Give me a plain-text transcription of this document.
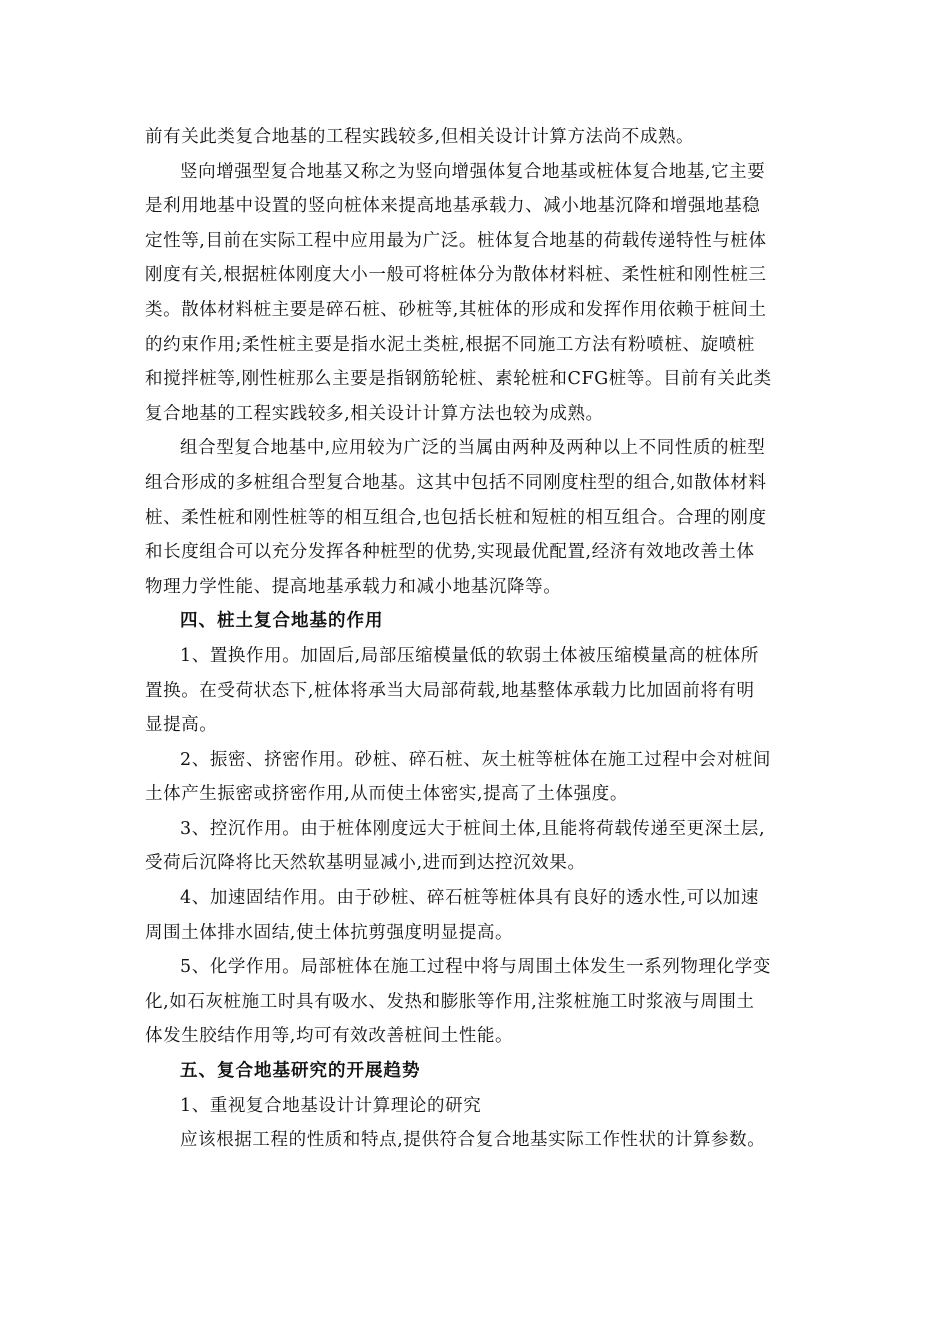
前有关此类复合地基的工程实践较多,但相关设计计算方法尚不成熟。
竖向增强型复合地基又称之为竖向增强体复合地基或桩体复合地基,它主要
是利用地基中设置的竖向桩体来提高地基承载力、减小地基沉降和增强地基稳
定性等,目前在实际工程中应用最为广泛。桩体复合地基的荷载传递特性与桩体
刚度有关,根据桩体刚度大小一般可将桩体分为散体材料桩、柔性桩和刚性桩三
类。散体材料桩主要是碎石桩、砂桩等,其桩体的形成和发挥作用依赖于桩间土
的约束作用;柔性桩主要是指水泥土类桩,根据不同施工方法有粉喷桩、旋喷桩
和搅拌桩等,刚性桩那么主要是指钢筋轮桩、素轮桩和CFG桩等。目前有关此类
复合地基的工程实践较多,相关设计计算方法也较为成熟。
组合型复合地基中,应用较为广泛的当属由两种及两种以上不同性质的桩型
组合形成的多桩组合型复合地基。这其中包括不同刚度柱型的组合,如散体材料
桩、柔性桩和刚性桩等的相互组合,也包括长桩和短桩的相互组合。合理的刚度
和长度组合可以充分发挥各种桩型的优势,实现最优配置,经济有效地改善土体
物理力学性能、提高地基承载力和减小地基沉降等。
四、桩土复合地基的作用
1、置换作用。加固后,局部压缩模量低的软弱土体被压缩模量高的桩体所
置换。在受荷状态下,桩体将承当大局部荷载,地基整体承载力比加固前将有明
显提高。
2、振密、挤密作用。砂桩、碎石桩、灰土桩等桩体在施工过程中会对桩间
土体产生振密或挤密作用,从而使土体密实,提高了土体强度。
3、控沉作用。由于桩体刚度远大于桩间土体,且能将荷载传递至更深土层,
受荷后沉降将比天然软基明显减小,进而到达控沉效果。
4、加速固结作用。由于砂桩、碎石桩等桩体具有良好的透水性,可以加速
周围土体排水固结,使土体抗剪强度明显提高。
5、化学作用。局部桩体在施工过程中将与周围土体发生一系列物理化学变
化,如石灰桩施工时具有吸水、发热和膨胀等作用,注浆桩施工时浆液与周围土
体发生胶结作用等,均可有效改善桩间土性能。
五、复合地基研究的开展趋势
1、重视复合地基设计计算理论的研究
应该根据工程的性质和特点,提供符合复合地基实际工作性状的计算参数。
